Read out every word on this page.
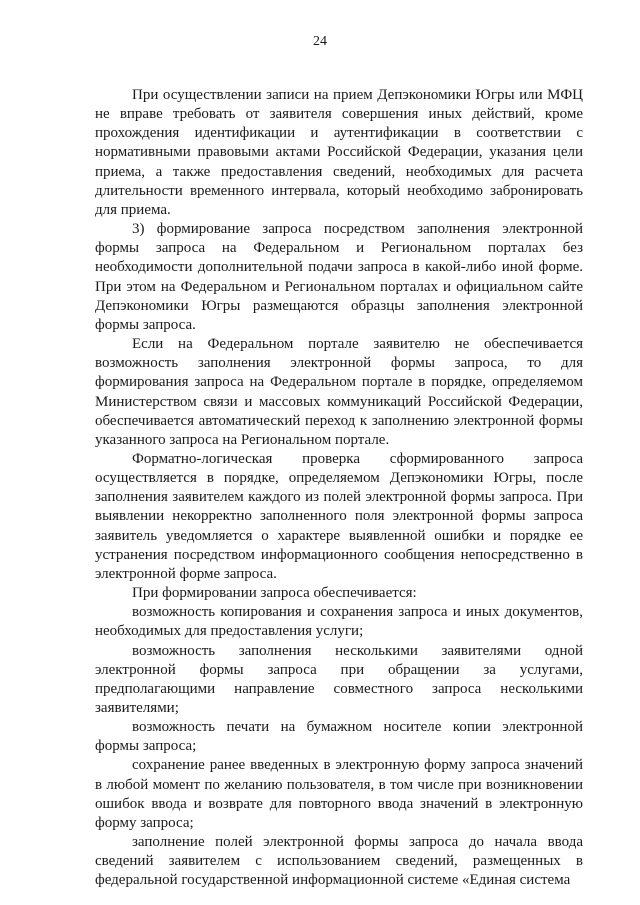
24

При осуществлении записи на прием Депэкономики Югры или МФЦ не вправе требовать от заявителя совершения иных действий, кроме прохождения идентификации и аутентификации в соответствии с нормативными правовыми актами Российской Федерации, указания цели приема, а также предоставления сведений, необходимых для расчета длительности временного интервала, который необходимо забронировать для приема.

3) формирование запроса посредством заполнения электронной формы запроса на Федеральном и Региональном порталах без необходимости дополнительной подачи запроса в какой-либо иной форме. При этом на Федеральном и Региональном порталах и официальном сайте Депэкономики Югры размещаются образцы заполнения электронной формы запроса.

Если на Федеральном портале заявителю не обеспечивается возможность заполнения электронной формы запроса, то для формирования запроса на Федеральном портале в порядке, определяемом Министерством связи и массовых коммуникаций Российской Федерации, обеспечивается автоматический переход к заполнению электронной формы указанного запроса на Региональном портале.

Форматно-логическая проверка сформированного запроса осуществляется в порядке, определяемом Депэкономики Югры, после заполнения заявителем каждого из полей электронной формы запроса. При выявлении некорректно заполненного поля электронной формы запроса заявитель уведомляется о характере выявленной ошибки и порядке ее устранения посредством информационного сообщения непосредственно в электронной форме запроса.

При формировании запроса обеспечивается:

возможность копирования и сохранения запроса и иных документов, необходимых для предоставления услуги;

возможность заполнения несколькими заявителями одной электронной формы запроса при обращении за услугами, предполагающими направление совместного запроса несколькими заявителями;

возможность печати на бумажном носителе копии электронной формы запроса;

сохранение ранее введенных в электронную форму запроса значений в любой момент по желанию пользователя, в том числе при возникновении ошибок ввода и возврате для повторного ввода значений в электронную форму запроса;

заполнение полей электронной формы запроса до начала ввода сведений заявителем с использованием сведений, размещенных в федеральной государственной информационной системе «Единая система
